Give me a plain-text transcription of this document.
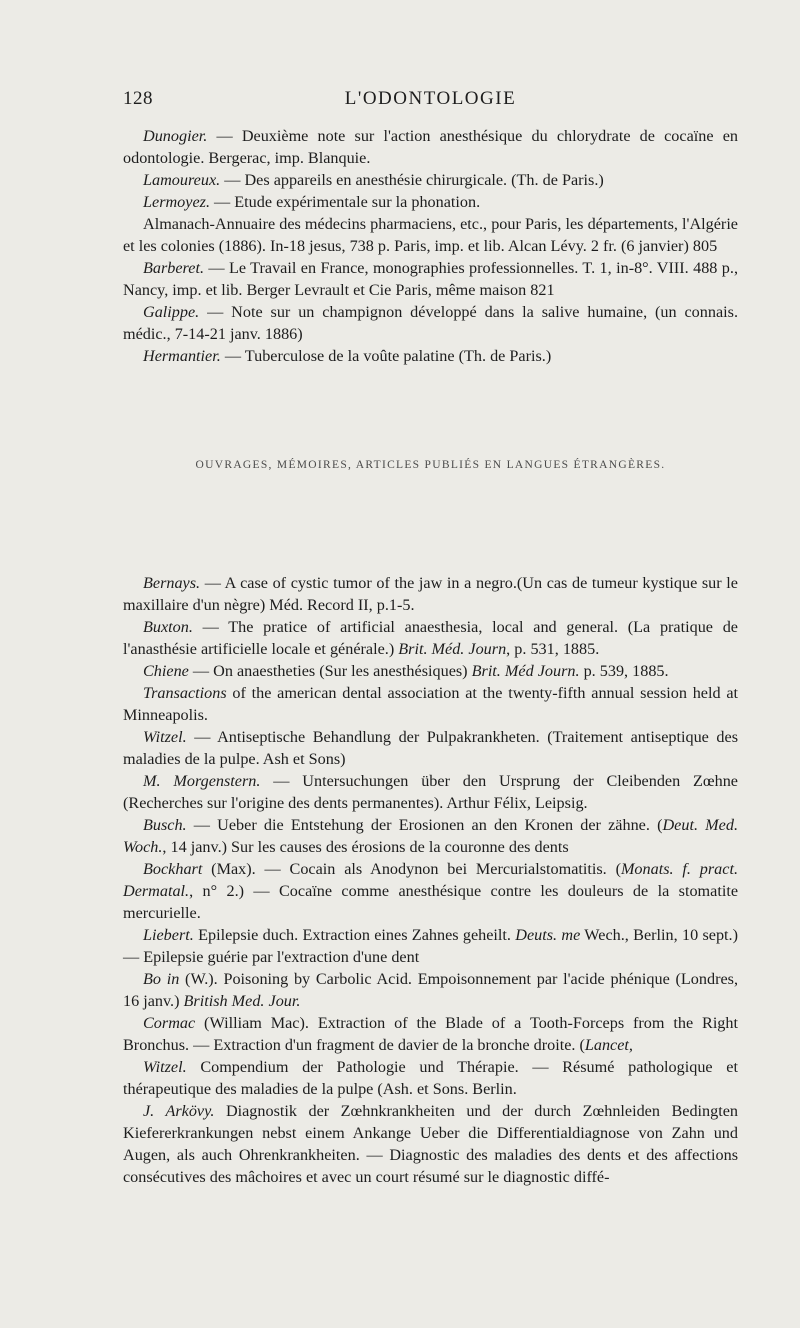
128	L'ODONTOLOGIE

Dunogier. — Deuxième note sur l'action anesthésique du chlorydrate de cocaïne en odontologie. Bergerac, imp. Blanquie.

Lamoureux. — Des appareils en anesthésie chirurgicale. (Th. de Paris.)

Lermoyez. — Etude expérimentale sur la phonation.

Almanach-Annuaire des médecins pharmaciens, etc., pour Paris, les départements, l'Algérie et les colonies (1886). In-18 jesus, 738 p. Paris, imp. et lib. Alcan Lévy. 2 fr. (6 janvier) 805

Barberet. — Le Travail en France, monographies professionnelles. T. 1, in-8°. VIII. 488 p., Nancy, imp. et lib. Berger Levrault et Cie Paris, même maison 821

Galippe. — Note sur un champignon développé dans la salive humaine, (un connais. médic., 7-14-21 janv. 1886)

Hermantier. — Tuberculose de la voûte palatine (Th. de Paris.)

OUVRAGES, MÉMOIRES, ARTICLES PUBLIÉS EN LANGUES ÉTRANGÈRES.

Bernays. — A case of cystic tumor of the jaw in a negro.(Un cas de tumeur kystique sur le maxillaire d'un nègre) Méd. Record II, p.1-5.

Buxton. — The pratice of artificial anaesthesia, local and general. (La pratique de l'anasthésie artificielle locale et générale.) Brit. Méd. Journ, p. 531, 1885.

Chiene — On anaestheties (Sur les anesthésiques) Brit. Méd Journ. p. 539, 1885.

Transactions of the american dental association at the twenty-fifth annual session held at Minneapolis.

Witzel. — Antiseptische Behandlung der Pulpakrankheten. (Traitement antiseptique des maladies de la pulpe. Ash et Sons)

M. Morgenstern. — Untersuchungen über den Ursprung der Cleibenden Zœhne (Recherches sur l'origine des dents permanentes). Arthur Félix, Leipsig.

Busch. — Ueber die Entstehung der Erosionen an den Kronen der zähne. (Deut. Med. Woch., 14 janv.) Sur les causes des érosions de la couronne des dents

Bockhart (Max). — Cocain als Anodynon bei Mercurialstomatitis. (Monats. f. pract. Dermatal., n° 2.) — Cocaïne comme anesthésique contre les douleurs de la stomatite mercurielle.

Liebert. Epilepsie duch. Extraction eines Zahnes geheilt. Deuts. me Wech., Berlin, 10 sept.) — Epilepsie guérie par l'extraction d'une dent

Bo in (W.). Poisoning by Carbolic Acid. Empoisonnement par l'acide phénique (Londres, 16 janv.) British Med. Jour.

Cormac (William Mac). Extraction of the Blade of a Tooth-Forceps from the Right Bronchus. — Extraction d'un fragment de davier de la bronche droite. (Lancet,

Witzel. Compendium der Pathologie und Thérapie. — Résumé pathologique et thérapeutique des maladies de la pulpe (Ash. et Sons. Berlin.

J. Arkövy. Diagnostik der Zœhnkrankheiten und der durch Zœhnleiden Bedingten Kiefererkrankungen nebst einem Ankange Ueber die Differentialdiagnose von Zahn und Augen, als auch Ohrenkrankheiten. — Diagnostic des maladies des dents et des affections consécutives des mâchoires et avec un court résumé sur le diagnostic diffé-
